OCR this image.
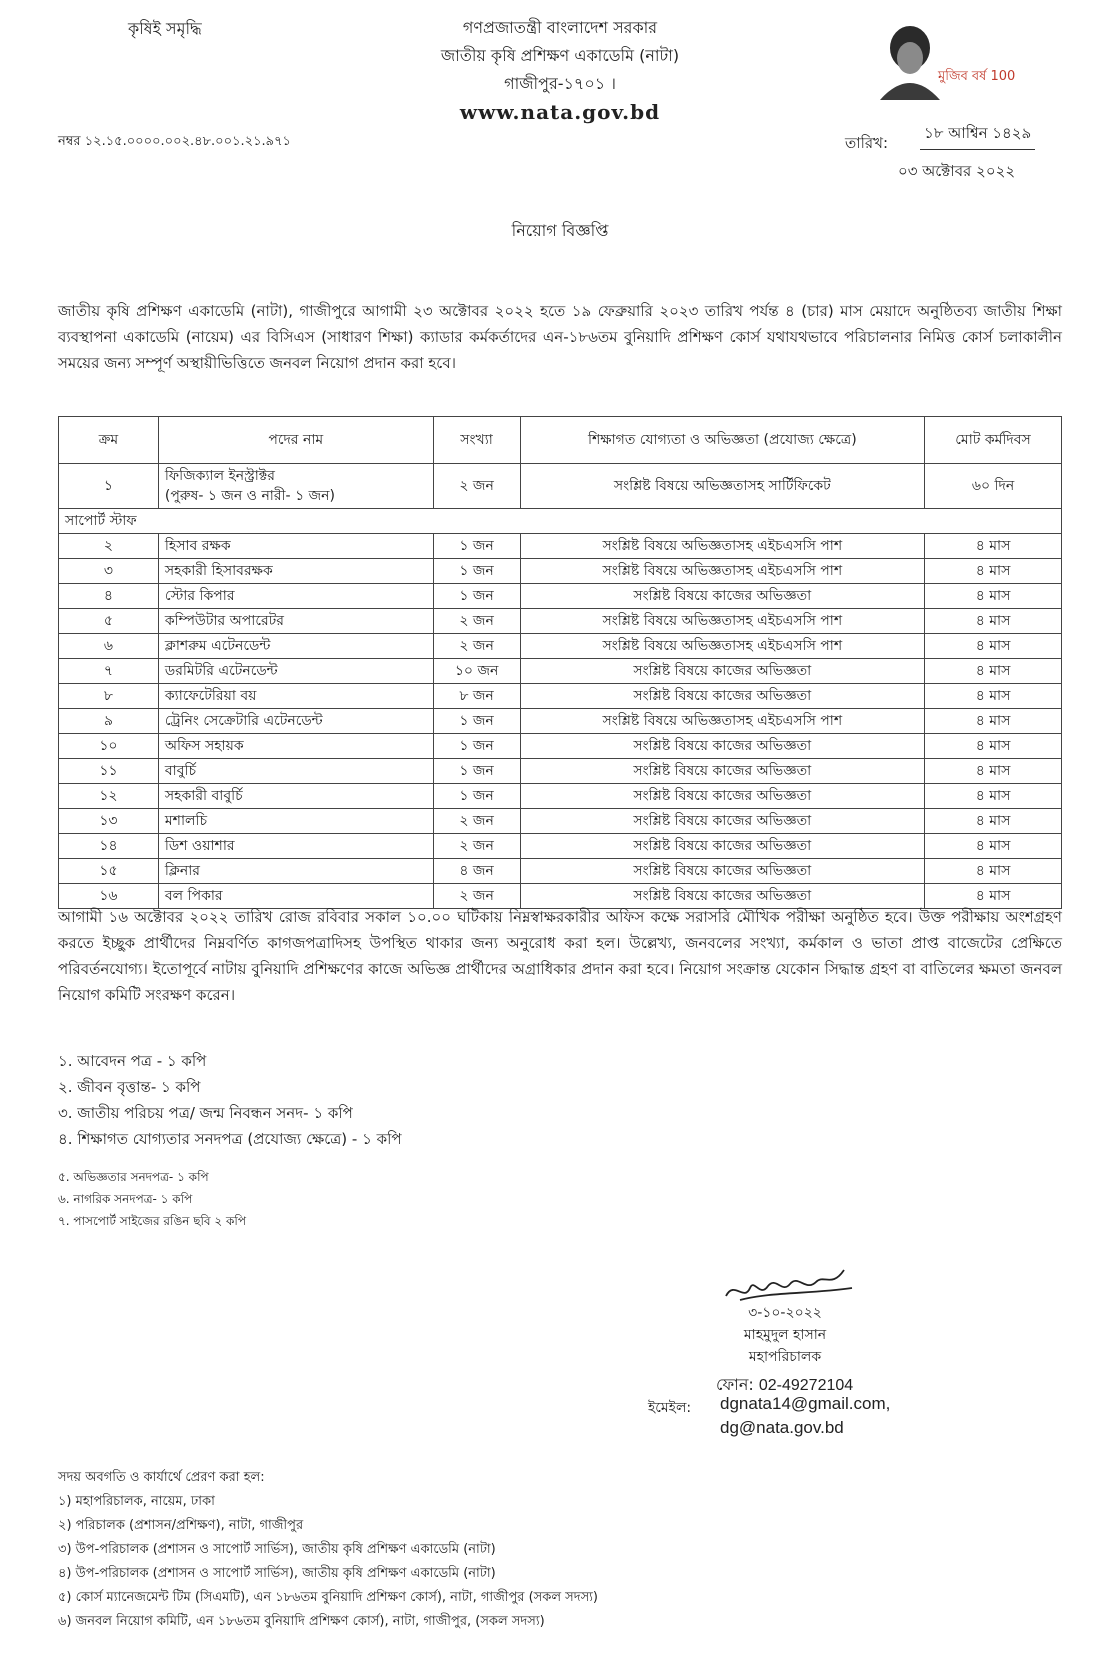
কৃষিই সমৃদ্ধি	গণপ্রজাতন্ত্রী বাংলাদেশ সরকার
জাতীয় কৃষি প্রশিক্ষণ একাডেমি (নাটা)
গাজীপুর-১৭০১ ।
www.nata.gov.bd
মুজিব বর্ষ 100
নম্বর ১২.১৫.০০০০.০০২.৪৮.০০১.২১.৯৭১	তারিখ:
১৮ আশ্বিন ১৪২৯
০৩ অক্টোবর ২০২২
নিয়োগ বিজ্ঞপ্তি
জাতীয় কৃষি প্রশিক্ষণ একাডেমি (নাটা), গাজীপুরে আগামী ২৩ অক্টোবর ২০২২ হতে ১৯ ফেব্রুয়ারি ২০২৩ তারিখ পর্যন্ত ৪ (চার) মাস মেয়াদে অনুষ্ঠিতব্য জাতীয় শিক্ষা ব্যবস্থাপনা একাডেমি (নায়েম) এর বিসিএস (সাধারণ শিক্ষা) ক্যাডার কর্মকর্তাদের এন-১৮৬তম বুনিয়াদি প্রশিক্ষণ কোর্স যথাযথভাবে পরিচালনার নিমিত্ত কোর্স চলাকালীন সময়ের জন্য সম্পূর্ণ অস্থায়ীভিত্তিতে জনবল নিয়োগ প্রদান করা হবে।
ক্রম	পদের নাম	সংখ্যা	শিক্ষাগত যোগ্যতা ও অভিজ্ঞতা (প্রযোজ্য ক্ষেত্রে)	মোট কর্মদিবস
১	ফিজিক্যাল ইনস্ট্রাক্টর
(পুরুষ- ১ জন ও নারী- ১ জন)	২ জন	সংশ্লিষ্ট বিষয়ে অভিজ্ঞতাসহ সার্টিফিকেট	৬০ দিন
সাপোর্ট স্টাফ				
২	হিসাব রক্ষক	১ জন	সংশ্লিষ্ট বিষয়ে অভিজ্ঞতাসহ এইচএসসি পাশ	৪ মাস
৩	সহকারী হিসাবরক্ষক	১ জন	সংশ্লিষ্ট বিষয়ে অভিজ্ঞতাসহ এইচএসসি পাশ	৪ মাস
৪	স্টোর কিপার	১ জন	সংশ্লিষ্ট বিষয়ে কাজের অভিজ্ঞতা	৪ মাস
৫	কম্পিউটার অপারেটর	২ জন	সংশ্লিষ্ট বিষয়ে অভিজ্ঞতাসহ এইচএসসি পাশ	৪ মাস
৬	ক্লাশরুম এটেনডেন্ট	২ জন	সংশ্লিষ্ট বিষয়ে অভিজ্ঞতাসহ এইচএসসি পাশ	৪ মাস
৭	ডরমিটরি এটেনডেন্ট	১০ জন	সংশ্লিষ্ট বিষয়ে কাজের অভিজ্ঞতা	৪ মাস
৮	ক্যাফেটেরিয়া বয়	৮ জন	সংশ্লিষ্ট বিষয়ে কাজের অভিজ্ঞতা	৪ মাস
৯	ট্রেনিং সেক্রেটারি এটেনডেন্ট	১ জন	সংশ্লিষ্ট বিষয়ে অভিজ্ঞতাসহ এইচএসসি পাশ	৪ মাস
১০	অফিস সহায়ক	১ জন	সংশ্লিষ্ট বিষয়ে কাজের অভিজ্ঞতা	৪ মাস
১১	বাবুর্চি	১ জন	সংশ্লিষ্ট বিষয়ে কাজের অভিজ্ঞতা	৪ মাস
১২	সহকারী বাবুর্চি	১ জন	সংশ্লিষ্ট বিষয়ে কাজের অভিজ্ঞতা	৪ মাস
১৩	মশালচি	২ জন	সংশ্লিষ্ট বিষয়ে কাজের অভিজ্ঞতা	৪ মাস
১৪	ডিশ ওয়াশার	২ জন	সংশ্লিষ্ট বিষয়ে কাজের অভিজ্ঞতা	৪ মাস
১৫	ক্লিনার	৪ জন	সংশ্লিষ্ট বিষয়ে কাজের অভিজ্ঞতা	৪ মাস
১৬	বল পিকার	২ জন	সংশ্লিষ্ট বিষয়ে কাজের অভিজ্ঞতা	৪ মাস
আগামী ১৬ অক্টোবর ২০২২ তারিখ রোজ রবিবার সকাল ১০.০০ ঘটিকায় নিম্নস্বাক্ষরকারীর অফিস কক্ষে সরাসরি মৌখিক পরীক্ষা অনুষ্ঠিত হবে। উক্ত পরীক্ষায় অংশগ্রহণ করতে ইচ্ছুক প্রার্থীদের নিম্নবর্ণিত কাগজপত্রাদিসহ উপস্থিত থাকার জন্য অনুরোধ করা হল। উল্লেখ্য, জনবলের সংখ্যা, কর্মকাল ও ভাতা প্রাপ্ত বাজেটের প্রেক্ষিতে পরিবর্তনযোগ্য। ইতোপূর্বে নাটায় বুনিয়াদি প্রশিক্ষণের কাজে অভিজ্ঞ প্রার্থীদের অগ্রাধিকার প্রদান করা হবে। নিয়োগ সংক্রান্ত যেকোন সিদ্ধান্ত গ্রহণ বা বাতিলের ক্ষমতা জনবল নিয়োগ কমিটি সংরক্ষণ করেন।
১. আবেদন পত্র - ১ কপি
২. জীবন বৃত্তান্ত- ১ কপি
৩. জাতীয় পরিচয় পত্র/ জন্ম নিবন্ধন সনদ- ১ কপি
৪. শিক্ষাগত যোগ্যতার সনদপত্র (প্রযোজ্য ক্ষেত্রে) - ১ কপি
৫. অভিজ্ঞতার সনদপত্র- ১ কপি
৬. নাগরিক সনদপত্র- ১ কপি
৭. পাসপোর্ট সাইজের রঙিন ছবি ২ কপি
৩-১০-২০২২
মাহমুদুল হাসান
মহাপরিচালক
ফোন: 02-49272104
ইমেইল: dgnata14@gmail.com,
dg@nata.gov.bd
সদয় অবগতি ও কার্যার্থে প্রেরণ করা হল:
১) মহাপরিচালক, নায়েম, ঢাকা
২) পরিচালক (প্রশাসন/প্রশিক্ষণ), নাটা, গাজীপুর
৩) উপ-পরিচালক (প্রশাসন ও সাপোর্ট সার্ভিস), জাতীয় কৃষি প্রশিক্ষণ একাডেমি (নাটা)
৪) উপ-পরিচালক (প্রশাসন ও সাপোর্ট সার্ভিস), জাতীয় কৃষি প্রশিক্ষণ একাডেমি (নাটা)
৫) কোর্স ম্যানেজমেন্ট টিম (সিএমটি), এন ১৮৬তম বুনিয়াদি প্রশিক্ষণ কোর্স), নাটা, গাজীপুর (সকল সদস্য)
৬) জনবল নিয়োগ কমিটি, এন ১৮৬তম বুনিয়াদি প্রশিক্ষণ কোর্স), নাটা, গাজীপুর, (সকল সদস্য)
